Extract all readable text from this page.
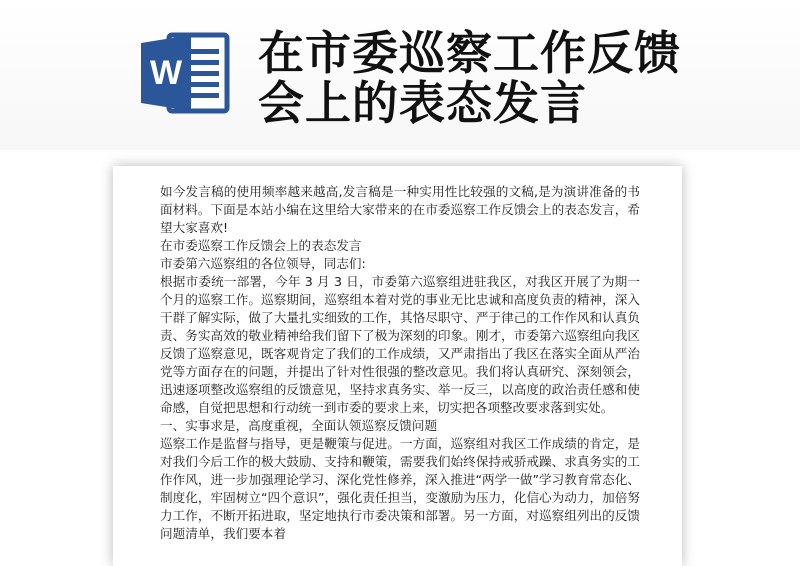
W 在市委巡察工作反馈
会上的表态发言

如今发言稿的使用频率越来越高,发言稿是一种实用性比较强的文稿,是为演讲准备的书面材料。下面是本站小编在这里给大家带来的在市委巡察工作反馈会上的表态发言，希望大家喜欢!

在市委巡察工作反馈会上的表态发言

市委第六巡察组的各位领导，同志们:

根据市委统一部署，今年 3 月 3 日，市委第六巡察组进驻我区，对我区开展了为期一个月的巡察工作。巡察期间，巡察组本着对党的事业无比忠诚和高度负责的精神，深入干群了解实际，做了大量扎实细致的工作，其恪尽职守、严于律己的工作作风和认真负责、务实高效的敬业精神给我们留下了极为深刻的印象。刚才，市委第六巡察组向我区反馈了巡察意见，既客观肯定了我们的工作成绩，又严肃指出了我区在落实全面从严治党等方面存在的问题，并提出了针对性很强的整改意见。我们将认真研究、深刻领会，迅速逐项整改巡察组的反馈意见，坚持求真务实、举一反三，以高度的政治责任感和使命感，自觉把思想和行动统一到市委的要求上来，切实把各项整改要求落到实处。

一、实事求是，高度重视，全面认领巡察反馈问题

巡察工作是监督与指导，更是鞭策与促进。一方面，巡察组对我区工作成绩的肯定，是对我们今后工作的极大鼓励、支持和鞭策，需要我们始终保持戒骄戒躁、求真务实的工作作风，进一步加强理论学习、深化党性修养，深入推进“两学一做”学习教育常态化、制度化，牢固树立“四个意识”，强化责任担当，变激励为压力，化信心为动力，加倍努力工作，不断开拓进取，坚定地执行市委决策和部署。另一方面，对巡察组列出的反馈问题清单，我们要本着
